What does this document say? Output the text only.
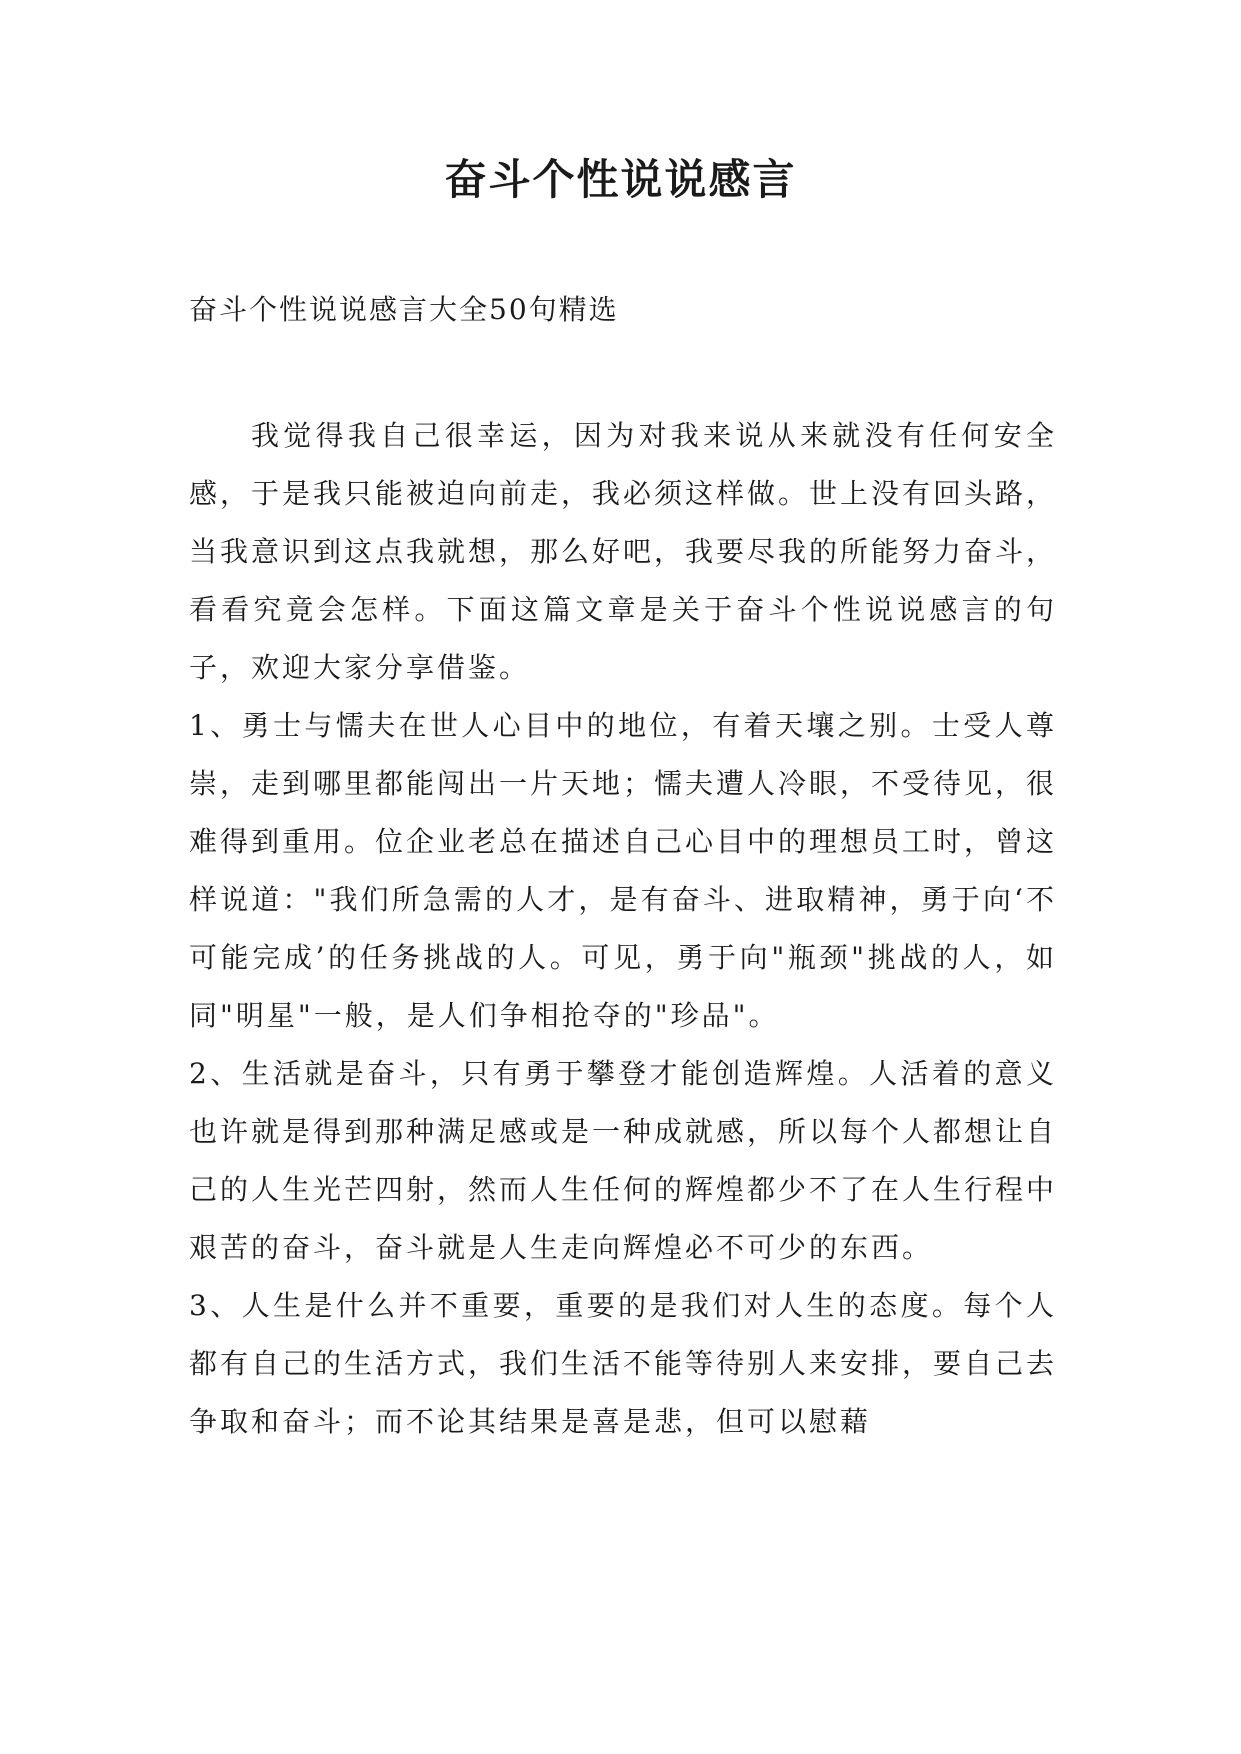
奋斗个性说说感言
奋斗个性说说感言大全50句精选

我觉得我自己很幸运，因为对我来说从来就没有任何安全感，于是我只能被迫向前走，我必须这样做。世上没有回头路，当我意识到这点我就想，那么好吧，我要尽我的所能努力奋斗，看看究竟会怎样。下面这篇文章是关于奋斗个性说说感言的句子，欢迎大家分享借鉴。

1、勇士与懦夫在世人心目中的地位，有着天壤之别。士受人尊崇，走到哪里都能闯出一片天地；懦夫遭人冷眼，不受待见，很难得到重用。位企业老总在描述自己心目中的理想员工时，曾这样说道："我们所急需的人才，是有奋斗、进取精神，勇于向‘不可能完成’的任务挑战的人。可见，勇于向"瓶颈"挑战的人，如同"明星"一般，是人们争相抢夺的"珍品"。

2、生活就是奋斗，只有勇于攀登才能创造辉煌。人活着的意义也许就是得到那种满足感或是一种成就感，所以每个人都想让自己的人生光芒四射，然而人生任何的辉煌都少不了在人生行程中艰苦的奋斗，奋斗就是人生走向辉煌必不可少的东西。

3、人生是什么并不重要，重要的是我们对人生的态度。每个人都有自己的生活方式，我们生活不能等待别人来安排，要自己去争取和奋斗；而不论其结果是喜是悲，但可以慰藉
